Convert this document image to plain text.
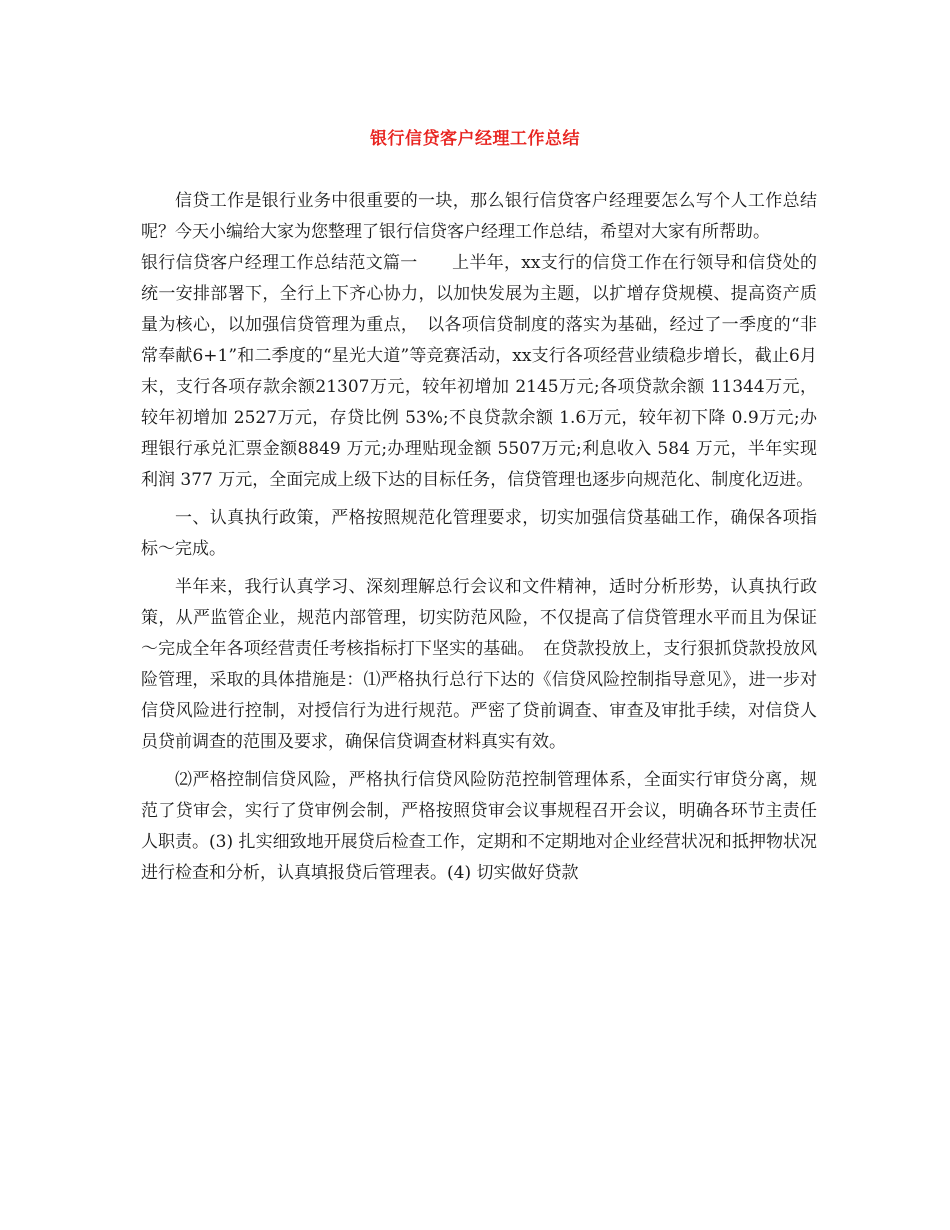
银行信贷客户经理工作总结

信贷工作是银行业务中很重要的一块，那么银行信贷客户经理要怎么写个人工作总结呢？今天小编给大家为您整理了银行信贷客户经理工作总结，希望对大家有所帮助。

银行信贷客户经理工作总结范文篇一　　上半年，xx支行的信贷工作在行领导和信贷处的统一安排部署下，全行上下齐心协力，以加快发展为主题，以扩增存贷规模、提高资产质量为核心，以加强信贷管理为重点，　以各项信贷制度的落实为基础，经过了一季度的“非常奉献6+1”和二季度的“星光大道”等竞赛活动，xx支行各项经营业绩稳步增长，截止6月末，支行各项存款余额21307万元，较年初增加 2145万元;各项贷款余额 11344万元，较年初增加 2527万元，存贷比例 53%;不良贷款余额 1.6万元，较年初下降 0.9万元;办理银行承兑汇票金额8849 万元;办理贴现金额 5507万元;利息收入 584 万元，半年实现利润 377 万元，全面完成上级下达的目标任务，信贷管理也逐步向规范化、制度化迈进。

一、认真执行政策，严格按照规范化管理要求，切实加强信贷基础工作，确保各项指标～完成。

半年来，我行认真学习、深刻理解总行会议和文件精神，适时分析形势，认真执行政策，从严监管企业，规范内部管理，切实防范风险，不仅提高了信贷管理水平而且为保证～完成全年各项经营责任考核指标打下坚实的基础。　在贷款投放上，支行狠抓贷款投放风险管理，采取的具体措施是：⑴严格执行总行下达的《信贷风险控制指导意见》，进一步对信贷风险进行控制，对授信行为进行规范。严密了贷前调查、审查及审批手续，对信贷人员贷前调查的范围及要求，确保信贷调查材料真实有效。

⑵严格控制信贷风险，严格执行信贷风险防范控制管理体系，全面实行审贷分离，规范了贷审会，实行了贷审例会制，严格按照贷审会议事规程召开会议，明确各环节主责任人职责。(3) 扎实细致地开展贷后检查工作，定期和不定期地对企业经营状况和抵押物状况进行检查和分析，认真填报贷后管理表。(4) 切实做好贷款
